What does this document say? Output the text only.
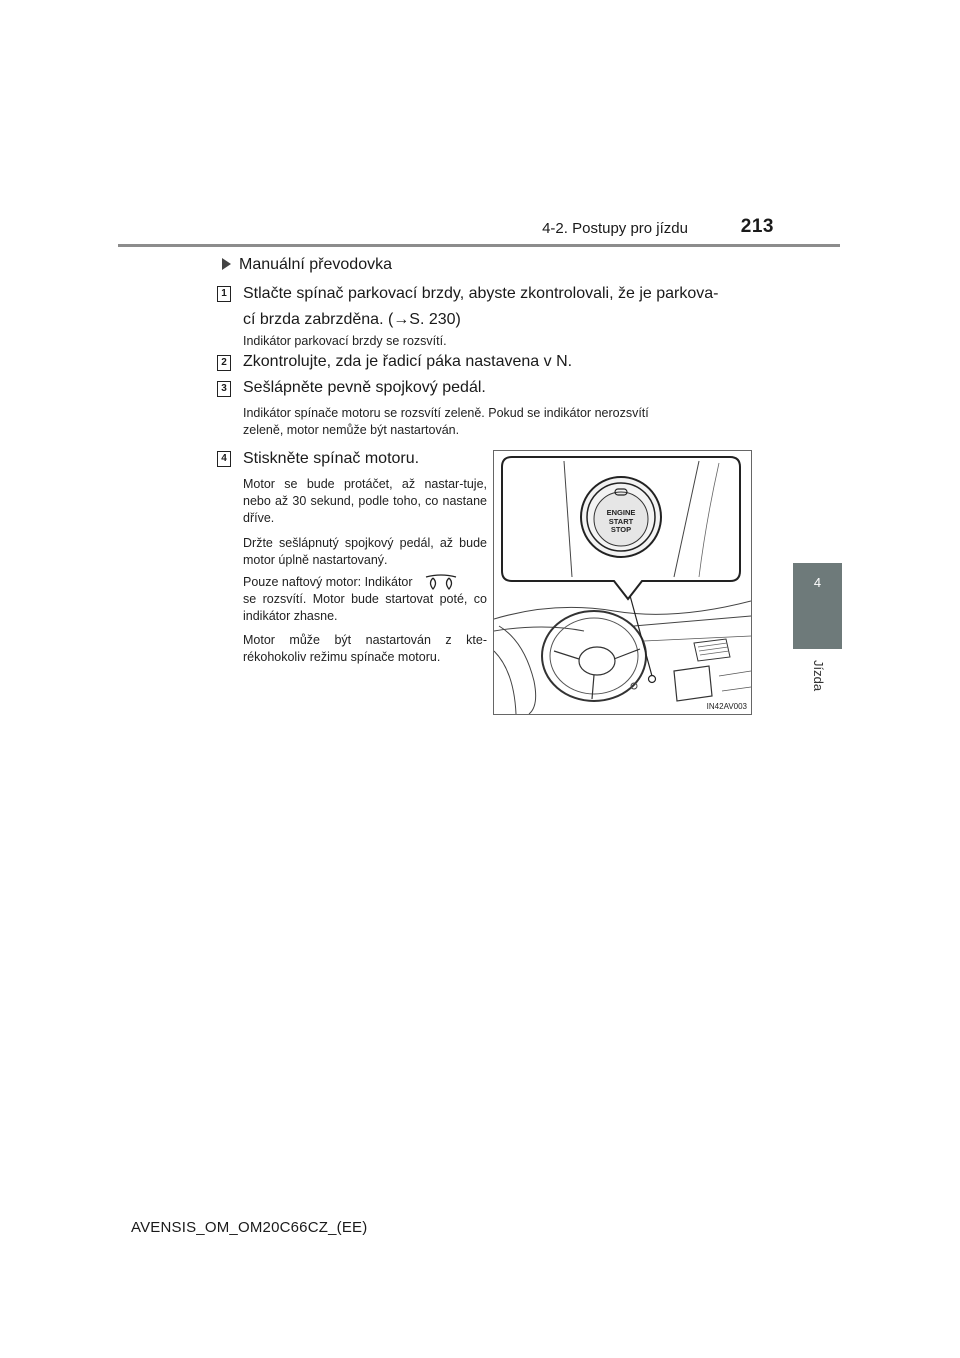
4-2. Postupy pro jízdu	213
4
Jízda
Manuální převodovka
1 Stlačte spínač parkovací brzdy, abyste zkontrolovali, že je parkova-
cí brzda zabrzděna. (→S. 230)
Indikátor parkovací brzdy se rozsvítí.
2 Zkontrolujte, zda je řadicí páka nastavena v N.
3 Sešlápněte pevně spojkový pedál.
Indikátor spínače motoru se rozsvítí zeleně. Pokud se indikátor nerozsvítí
zeleně, motor nemůže být nastartován.
4 Stiskněte spínač motoru.
Motor se bude protáčet, až nastar-tuje, nebo až 30 sekund, podle toho, co nastane dříve.
Držte sešlápnutý spojkový pedál, až bude motor úplně nastartovaný.
Pouze naftový motor: Indikátor
se rozsvítí. Motor bude startovat poté, co indikátor zhasne.
Motor může být nastartován z kte-rékohokoliv režimu spínače motoru.
ENGINE
START
STOP
IN42AV003
AVENSIS_OM_OM20C66CZ_(EE)
